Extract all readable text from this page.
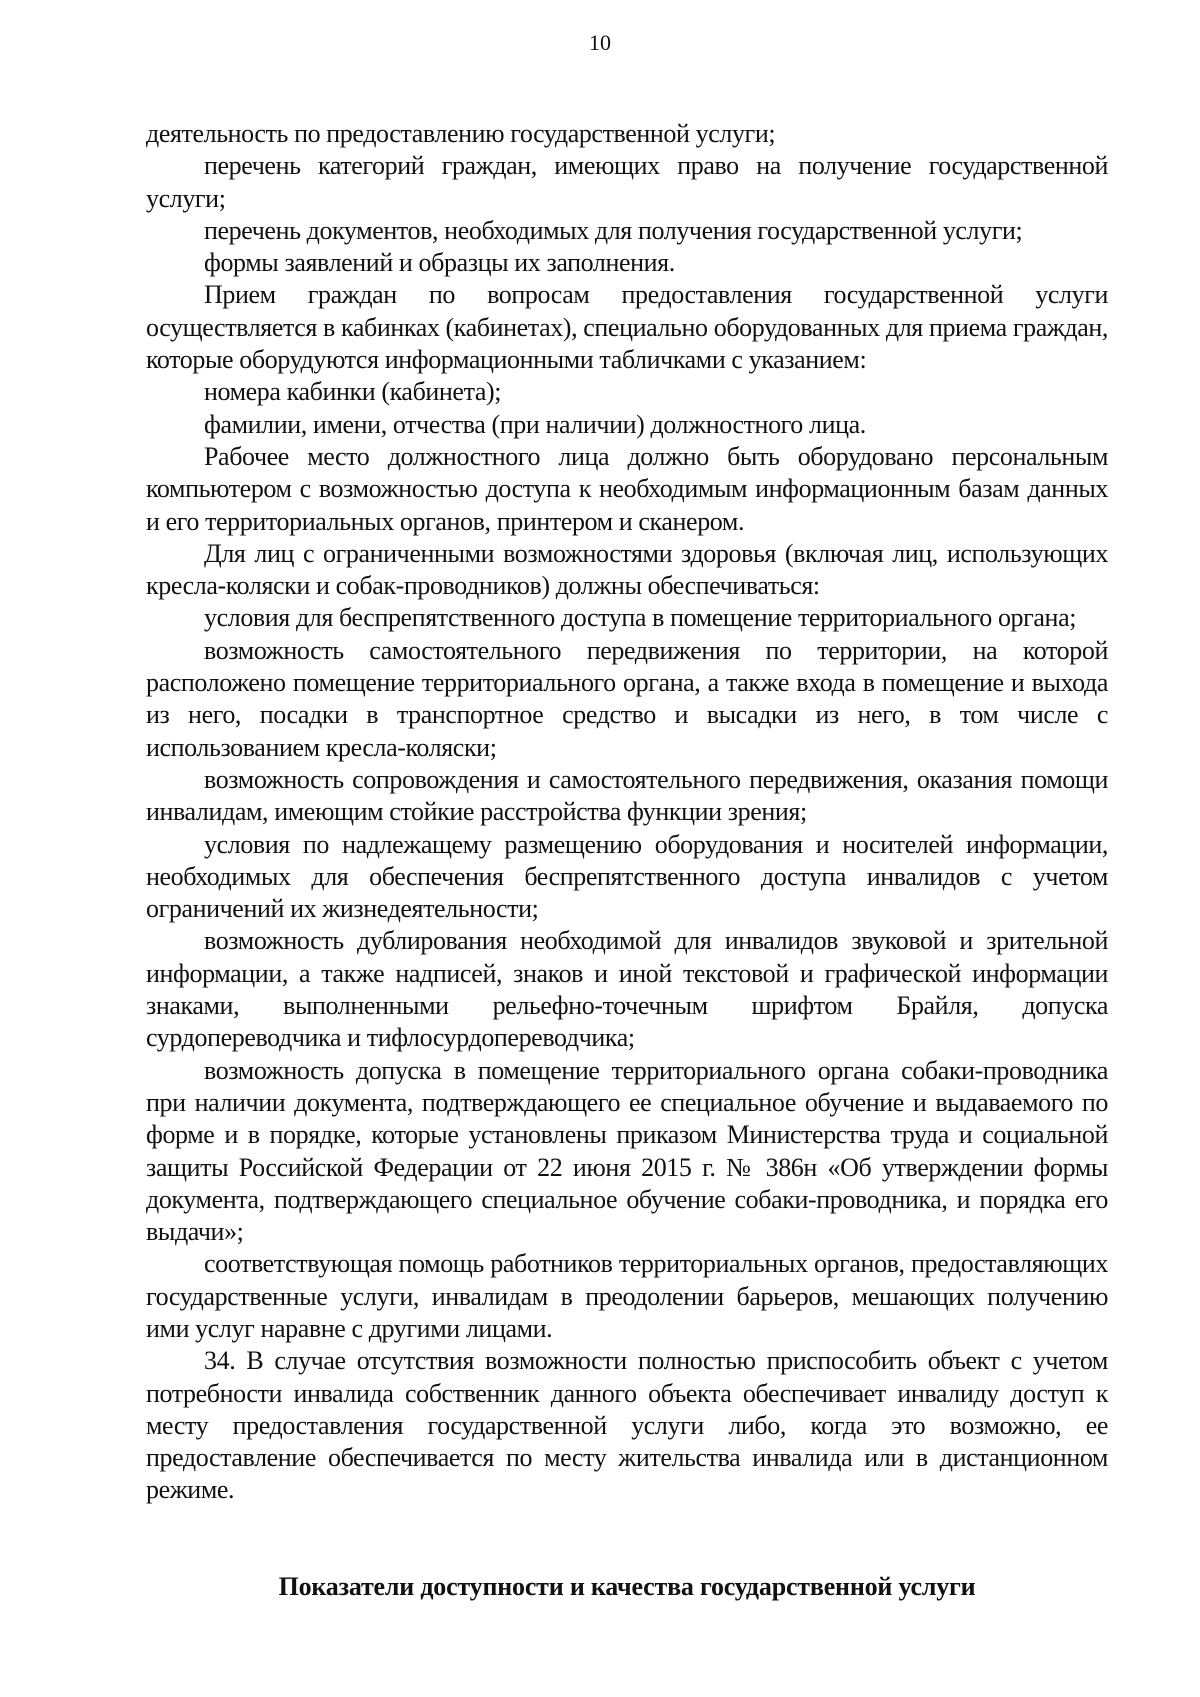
10

деятельность по предоставлению государственной услуги;

перечень категорий граждан, имеющих право на получение государственной услуги;

перечень документов, необходимых для получения государственной услуги;

формы заявлений и образцы их заполнения.

Прием граждан по вопросам предоставления государственной услуги осуществляется в кабинках (кабинетах), специально оборудованных для приема граждан, которые оборудуются информационными табличками с указанием:

номера кабинки (кабинета);

фамилии, имени, отчества (при наличии) должностного лица.

Рабочее место должностного лица должно быть оборудовано персональным компьютером с возможностью доступа к необходимым информационным базам данных и его территориальных органов, принтером и сканером.

Для лиц с ограниченными возможностями здоровья (включая лиц, использующих кресла-коляски и собак-проводников) должны обеспечиваться:

условия для беспрепятственного доступа в помещение территориального органа;

возможность самостоятельного передвижения по территории, на которой расположено помещение территориального органа, а также входа в помещение и выхода из него, посадки в транспортное средство и высадки из него, в том числе с использованием кресла-коляски;

возможность сопровождения и самостоятельного передвижения, оказания помощи инвалидам, имеющим стойкие расстройства функции зрения;

условия по надлежащему размещению оборудования и носителей информации, необходимых для обеспечения беспрепятственного доступа инвалидов с учетом ограничений их жизнедеятельности;

возможность дублирования необходимой для инвалидов звуковой и зрительной информации, а также надписей, знаков и иной текстовой и графической информации знаками, выполненными рельефно-точечным шрифтом Брайля, допуска сурдопереводчика и тифлосурдопереводчика;

возможность допуска в помещение территориального органа собаки-проводника при наличии документа, подтверждающего ее специальное обучение и выдаваемого по форме и в порядке, которые установлены приказом Министерства труда и социальной защиты Российской Федерации от 22 июня 2015 г. № 386н «Об утверждении формы документа, подтверждающего специальное обучение собаки-проводника, и порядка его выдачи»;

соответствующая помощь работников территориальных органов, предоставляющих государственные услуги, инвалидам в преодолении барьеров, мешающих получению ими услуг наравне с другими лицами.

34. В случае отсутствия возможности полностью приспособить объект с учетом потребности инвалида собственник данного объекта обеспечивает инвалиду доступ к месту предоставления государственной услуги либо, когда это возможно, ее предоставление обеспечивается по месту жительства инвалида или в дистанционном режиме.

Показатели доступности и качества государственной услуги
